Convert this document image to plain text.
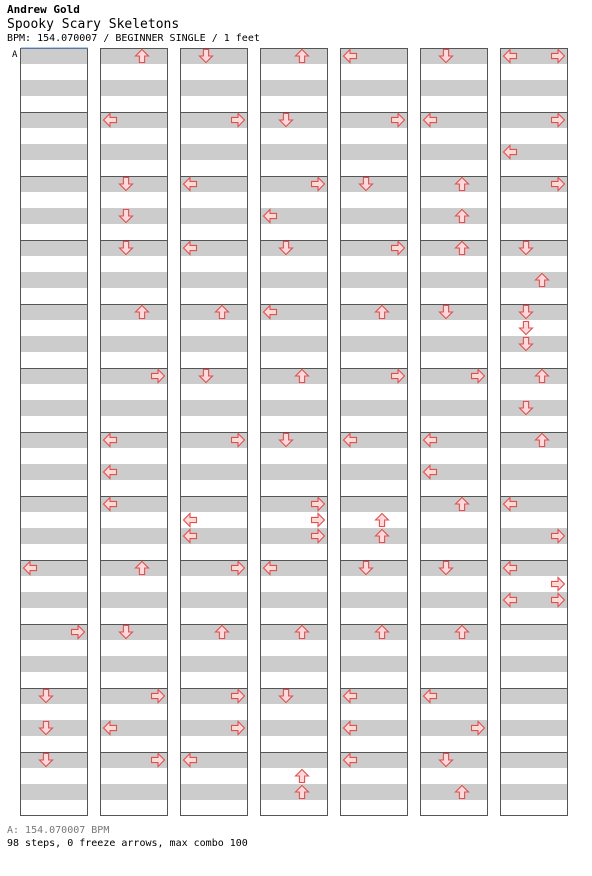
Andrew Gold
Spooky Scary Skeletons
BPM: 154.070007 / BEGINNER SINGLE / 1 feet
A
A: 154.070007 BPM
98 steps, 0 freeze arrows, max combo 100
